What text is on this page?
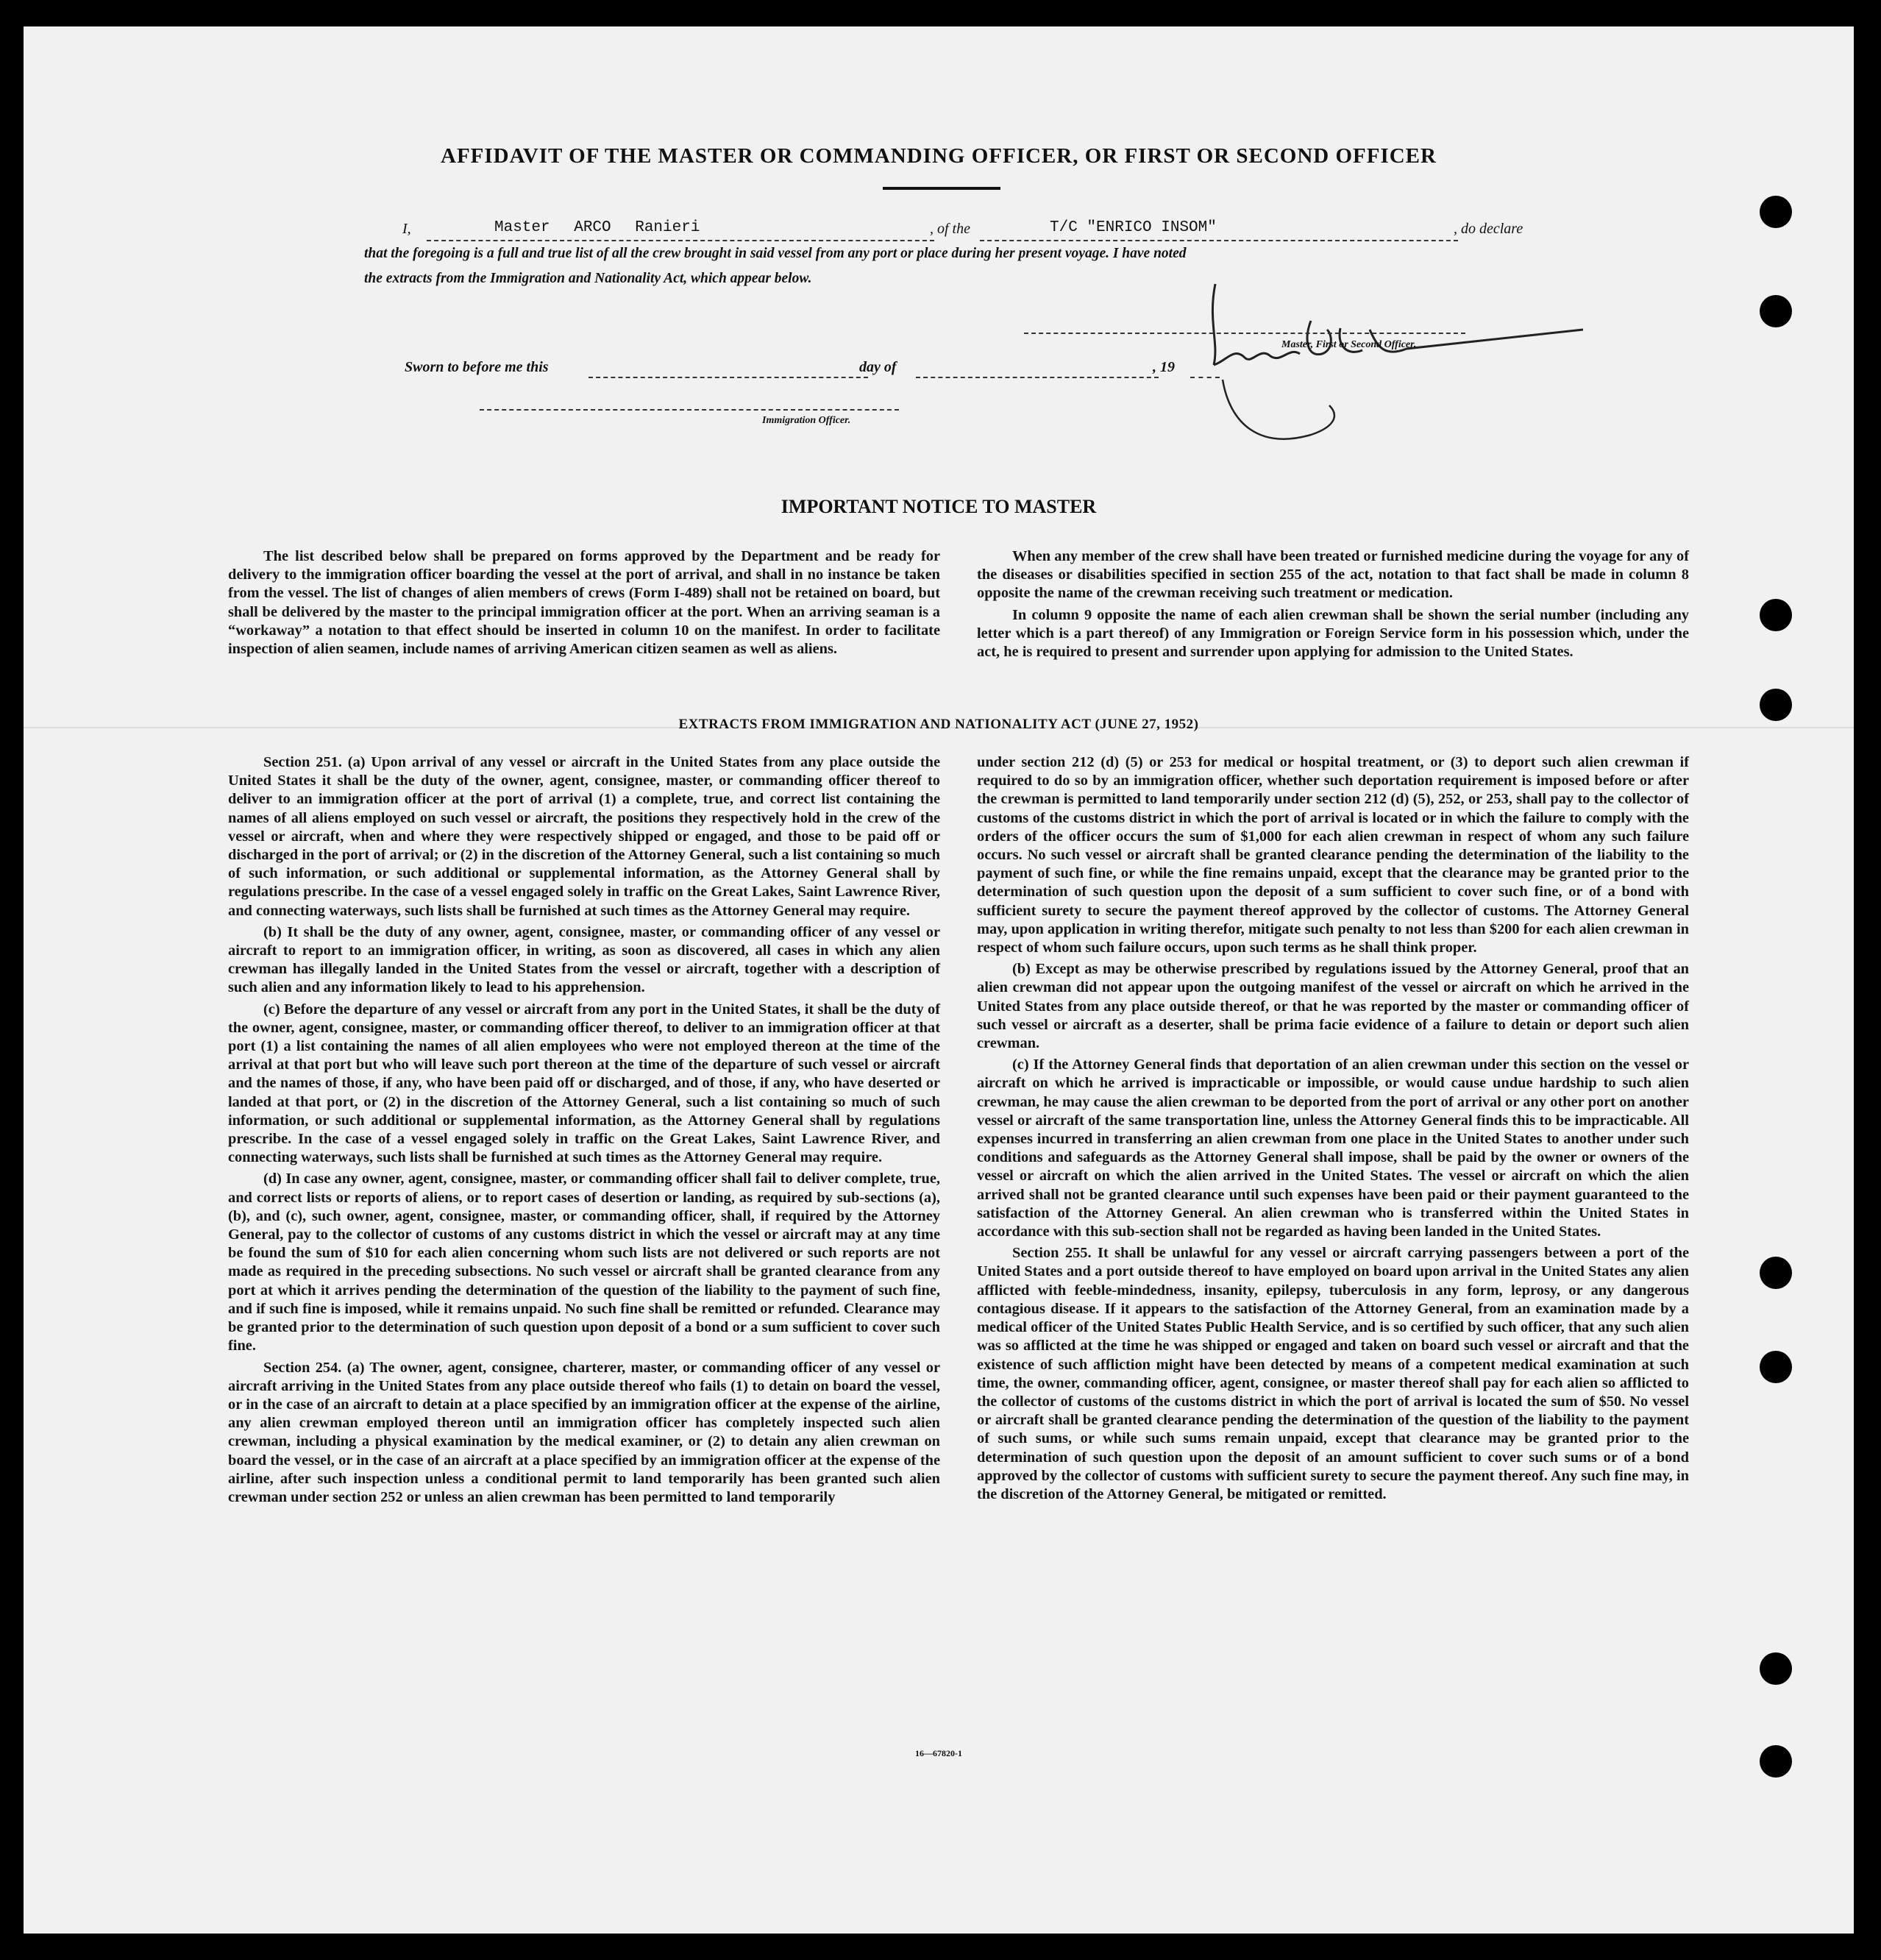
AFFIDAVIT OF THE MASTER OR COMMANDING OFFICER, OR FIRST OR SECOND OFFICER
I,	Master ARCO Ranieri	, of the	T/C "ENRICO INSOM"	, do declare
that the foregoing is a full and true list of all the crew brought in said vessel from any port or place during her present voyage. I have noted
the extracts from the Immigration and Nationality Act, which appear below.
Master, First or Second Officer.
Sworn to before me this	day of	, 19
Immigration Officer.
IMPORTANT NOTICE TO MASTER

The list described below shall be prepared on forms approved by the Department and be ready for delivery to the immigration officer boarding the vessel at the port of arrival, and shall in no instance be taken from the vessel. The list of changes of alien members of crews (Form I-489) shall not be retained on board, but shall be delivered by the master to the principal immigration officer at the port. When an arriving seaman is a “workaway” a notation to that effect should be inserted in column 10 on the manifest. In order to facilitate inspection of alien seamen, include names of arriving American citizen seamen as well as aliens.

When any member of the crew shall have been treated or furnished medicine during the voyage for any of the diseases or disabilities specified in section 255 of the act, notation to that fact shall be made in column 8 opposite the name of the crewman receiving such treatment or medication.

In column 9 opposite the name of each alien crewman shall be shown the serial number (including any letter which is a part thereof) of any Immigration or Foreign Service form in his possession which, under the act, he is required to present and surrender upon applying for admission to the United States.

EXTRACTS FROM IMMIGRATION AND NATIONALITY ACT (JUNE 27, 1952)

Section 251. (a) Upon arrival of any vessel or aircraft in the United States from any place outside the United States it shall be the duty of the owner, agent, consignee, master, or commanding officer thereof to deliver to an immigration officer at the port of arrival (1) a complete, true, and correct list containing the names of all aliens employed on such vessel or aircraft, the positions they respectively hold in the crew of the vessel or aircraft, when and where they were respectively shipped or engaged, and those to be paid off or discharged in the port of arrival; or (2) in the discretion of the Attorney General, such a list containing so much of such information, or such additional or supplemental information, as the Attorney General shall by regulations prescribe. In the case of a vessel engaged solely in traffic on the Great Lakes, Saint Lawrence River, and connecting waterways, such lists shall be furnished at such times as the Attorney General may require.

(b) It shall be the duty of any owner, agent, consignee, master, or commanding officer of any vessel or aircraft to report to an immigration officer, in writing, as soon as discovered, all cases in which any alien crewman has illegally landed in the United States from the vessel or aircraft, together with a description of such alien and any information likely to lead to his apprehension.

(c) Before the departure of any vessel or aircraft from any port in the United States, it shall be the duty of the owner, agent, consignee, master, or commanding officer thereof, to deliver to an immigration officer at that port (1) a list containing the names of all alien employees who were not employed thereon at the time of the arrival at that port but who will leave such port thereon at the time of the departure of such vessel or aircraft and the names of those, if any, who have been paid off or discharged, and of those, if any, who have deserted or landed at that port, or (2) in the discretion of the Attorney General, such a list containing so much of such information, or such additional or supplemental information, as the Attorney General shall by regulations prescribe. In the case of a vessel engaged solely in traffic on the Great Lakes, Saint Lawrence River, and connecting waterways, such lists shall be furnished at such times as the Attorney General may require.

(d) In case any owner, agent, consignee, master, or commanding officer shall fail to deliver complete, true, and correct lists or reports of aliens, or to report cases of desertion or landing, as required by sub-sections (a), (b), and (c), such owner, agent, consignee, master, or commanding officer, shall, if required by the Attorney General, pay to the collector of customs of any customs district in which the vessel or aircraft may at any time be found the sum of $10 for each alien concerning whom such lists are not delivered or such reports are not made as required in the preceding subsections. No such vessel or aircraft shall be granted clearance from any port at which it arrives pending the determination of the question of the liability to the payment of such fine, and if such fine is imposed, while it remains unpaid. No such fine shall be remitted or refunded. Clearance may be granted prior to the determination of such question upon deposit of a bond or a sum sufficient to cover such fine.

Section 254. (a) The owner, agent, consignee, charterer, master, or commanding officer of any vessel or aircraft arriving in the United States from any place outside thereof who fails (1) to detain on board the vessel, or in the case of an aircraft to detain at a place specified by an immigration officer at the expense of the airline, any alien crewman employed thereon until an immigration officer has completely inspected such alien crewman, including a physical examination by the medical examiner, or (2) to detain any alien crewman on board the vessel, or in the case of an aircraft at a place specified by an immigration officer at the expense of the airline, after such inspection unless a conditional permit to land temporarily has been granted such alien crewman under section 252 or unless an alien crewman has been permitted to land temporarily

under section 212 (d) (5) or 253 for medical or hospital treatment, or (3) to deport such alien crewman if required to do so by an immigration officer, whether such deportation requirement is imposed before or after the crewman is permitted to land temporarily under section 212 (d) (5), 252, or 253, shall pay to the collector of customs of the customs district in which the port of arrival is located or in which the failure to comply with the orders of the officer occurs the sum of $1,000 for each alien crewman in respect of whom any such failure occurs. No such vessel or aircraft shall be granted clearance pending the determination of the liability to the payment of such fine, or while the fine remains unpaid, except that the clearance may be granted prior to the determination of such question upon the deposit of a sum sufficient to cover such fine, or of a bond with sufficient surety to secure the payment thereof approved by the collector of customs. The Attorney General may, upon application in writing therefor, mitigate such penalty to not less than $200 for each alien crewman in respect of whom such failure occurs, upon such terms as he shall think proper.

(b) Except as may be otherwise prescribed by regulations issued by the Attorney General, proof that an alien crewman did not appear upon the outgoing manifest of the vessel or aircraft on which he arrived in the United States from any place outside thereof, or that he was reported by the master or commanding officer of such vessel or aircraft as a deserter, shall be prima facie evidence of a failure to detain or deport such alien crewman.

(c) If the Attorney General finds that deportation of an alien crewman under this section on the vessel or aircraft on which he arrived is impracticable or impossible, or would cause undue hardship to such alien crewman, he may cause the alien crewman to be deported from the port of arrival or any other port on another vessel or aircraft of the same transportation line, unless the Attorney General finds this to be impracticable. All expenses incurred in transferring an alien crewman from one place in the United States to another under such conditions and safeguards as the Attorney General shall impose, shall be paid by the owner or owners of the vessel or aircraft on which the alien arrived in the United States. The vessel or aircraft on which the alien arrived shall not be granted clearance until such expenses have been paid or their payment guaranteed to the satisfaction of the Attorney General. An alien crewman who is transferred within the United States in accordance with this sub-section shall not be regarded as having been landed in the United States.

Section 255. It shall be unlawful for any vessel or aircraft carrying passengers between a port of the United States and a port outside thereof to have employed on board upon arrival in the United States any alien afflicted with feeble-mindedness, insanity, epilepsy, tuberculosis in any form, leprosy, or any dangerous contagious disease. If it appears to the satisfaction of the Attorney General, from an examination made by a medical officer of the United States Public Health Service, and is so certified by such officer, that any such alien was so afflicted at the time he was shipped or engaged and taken on board such vessel or aircraft and that the existence of such affliction might have been detected by means of a competent medical examination at such time, the owner, commanding officer, agent, consignee, or master thereof shall pay for each alien so afflicted to the collector of customs of the customs district in which the port of arrival is located the sum of $50. No vessel or aircraft shall be granted clearance pending the determination of the question of the liability to the payment of such sums, or while such sums remain unpaid, except that clearance may be granted prior to the determination of such question upon the deposit of an amount sufficient to cover such sums or of a bond approved by the collector of customs with sufficient surety to secure the payment thereof. Any such fine may, in the discretion of the Attorney General, be mitigated or remitted.

16—67820-1
